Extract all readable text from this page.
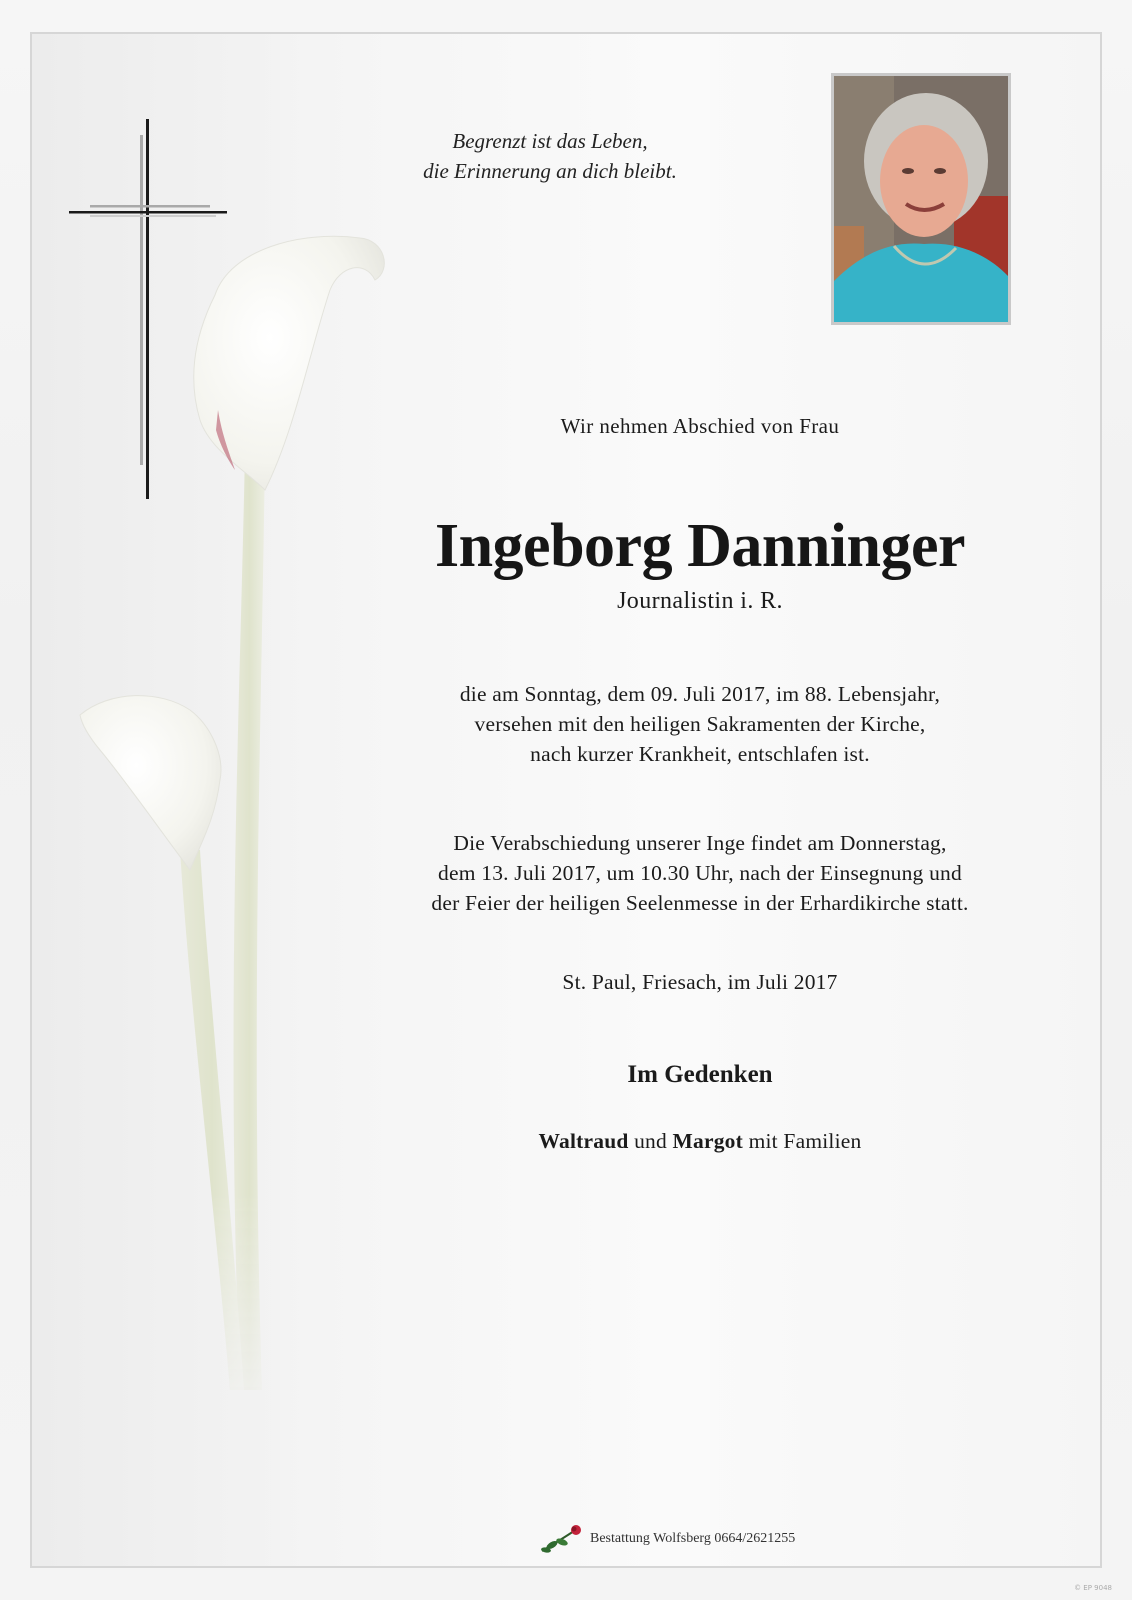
Begrenzt ist das Leben,
die Erinnerung an dich bleibt.
Wir nehmen Abschied von Frau
Ingeborg Danninger
Journalistin i. R.
die am Sonntag, dem 09. Juli 2017, im 88. Lebensjahr,
versehen mit den heiligen Sakramenten der Kirche,
nach kurzer Krankheit, entschlafen ist.
Die Verabschiedung unserer Inge findet am Donnerstag,
dem 13. Juli 2017, um 10.30 Uhr, nach der Einsegnung und
der Feier der heiligen Seelenmesse in der Erhardikirche statt.
St. Paul, Friesach, im Juli 2017
Im Gedenken
Waltraud und Margot mit Familien
Bestattung Wolfsberg 0664/2621255
© EP 9048
